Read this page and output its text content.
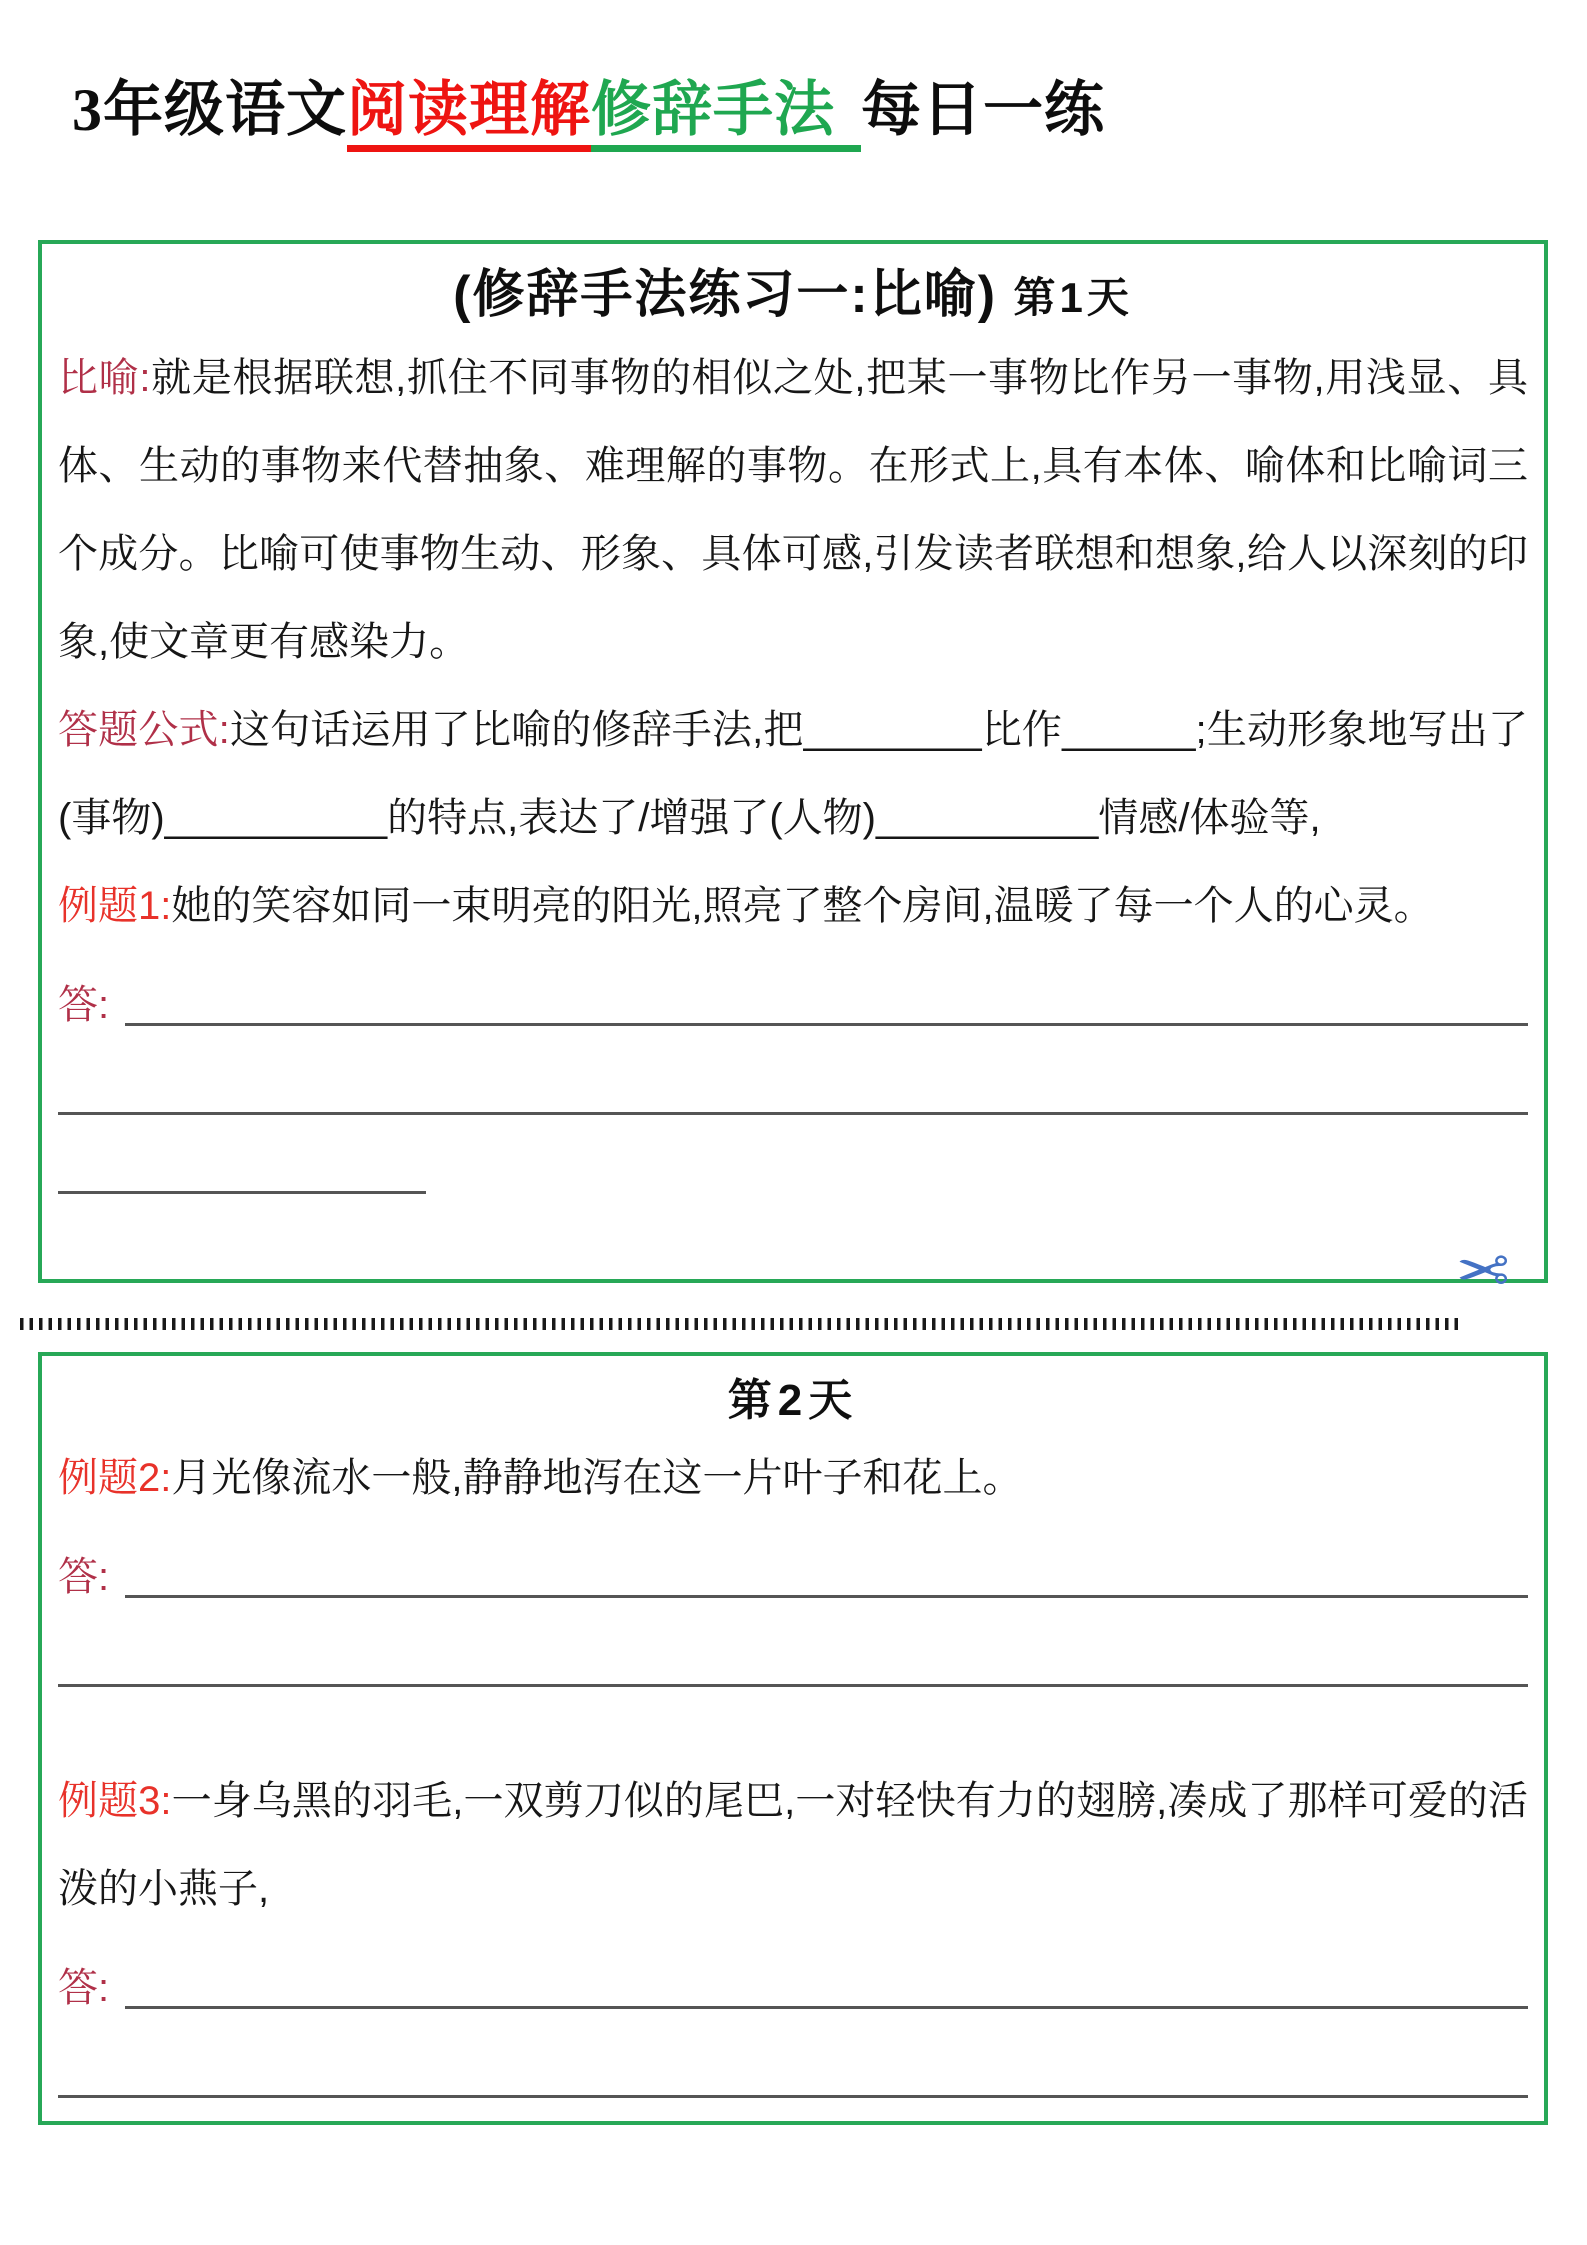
3年级语文阅读理解修辞手法 每日一练
(修辞手法练习一:比喻) 第1天
比喻:就是根据联想,抓住不同事物的相似之处,把某一事物比作另一事物,用浅显、具体、生动的事物来代替抽象、难理解的事物。在形式上,具有本体、喻体和比喻词三个成分。比喻可使事物生动、形象、具体可感,引发读者联想和想象,给人以深刻的印象,使文章更有感染力。
答题公式:这句话运用了比喻的修辞手法,把________比作______;生动形象地写出了(事物)__________的特点,表达了/增强了(人物)__________情感/体验等,
例题1:她的笑容如同一束明亮的阳光,照亮了整个房间,温暖了每一个人的心灵。
答:
✂
第2天
例题2:月光像流水一般,静静地泻在这一片叶子和花上。
答:
例题3:一身乌黑的羽毛,一双剪刀似的尾巴,一对轻快有力的翅膀,凑成了那样可爱的活泼的小燕子,
答:
